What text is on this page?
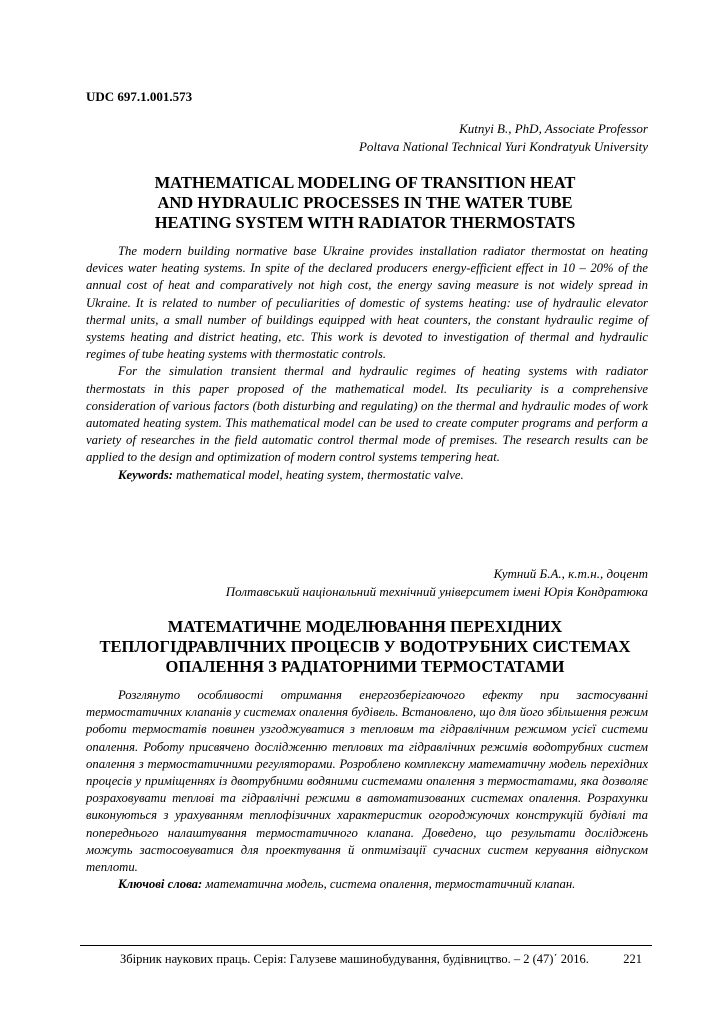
UDC 697.1.001.573
Kutnyi B., PhD, Associate Professor
Poltava National Technical Yuri Kondratyuk University
MATHEMATICAL MODELING OF TRANSITION HEAT
AND HYDRAULIC PROCESSES IN THE WATER TUBE
HEATING SYSTEM WITH RADIATOR THERMOSTATS

The modern building normative base Ukraine provides installation radiator thermostat on heating devices water heating systems. In spite of the declared producers energy-efficient effect in 10 – 20% of the annual cost of heat and comparatively not high cost, the energy saving measure is not widely spread in Ukraine. It is related to number of peculiarities of domestic of systems heating: use of hydraulic elevator thermal units, a small number of buildings equipped with heat counters, the constant hydraulic regime of systems heating and district heating, etc. This work is devoted to investigation of thermal and hydraulic regimes of tube heating systems with thermostatic controls.

For the simulation transient thermal and hydraulic regimes of heating systems with radiator thermostats in this paper proposed of the mathematical model. Its peculiarity is a comprehensive consideration of various factors (both disturbing and regulating) on the thermal and hydraulic modes of work automated heating system. This mathematical model can be used to create computer programs and perform a variety of researches in the field automatic control thermal mode of premises. The research results can be applied to the design and optimization of modern control systems tempering heat.

Keywords: mathematical model, heating system, thermostatic valve.

Кутний Б.А., к.т.н., доцент
Полтавський національний технічний університет імені Юрія Кондратюка
МАТЕМАТИЧНЕ МОДЕЛЮВАННЯ ПЕРЕХІДНИХ
ТЕПЛОГІДРАВЛІЧНИХ ПРОЦЕСІВ У ВОДОТРУБНИХ СИСТЕМАХ
ОПАЛЕННЯ З РАДІАТОРНИМИ ТЕРМОСТАТАМИ

Розглянуто особливості отримання енергозберігаючого ефекту при застосуванні термостатичних клапанів у системах опалення будівель. Встановлено, що для його збільшення режим роботи термостатів повинен узгоджуватися з тепловим та гідравлічним режимом усієї системи опалення. Роботу присвячено дослідженню теплових та гідравлічних режимів водотрубних систем опалення з термостатичними регуляторами. Розроблено комплексну математичну модель перехідних процесів у приміщеннях із двотрубними водяними системами опалення з термостатами, яка дозволяє розраховувати теплові та гідравлічні режими в автоматизованих системах опалення. Розрахунки виконуються з урахуванням теплофізичних характеристик огороджуючих конструкцій будівлі та попереднього налаштування термостатичного клапана. Доведено, що результати досліджень можуть застосовуватися для проектування й оптимізації сучасних систем керування відпуском теплоти.

Ключові слова: математична модель, система опалення, термостатичний клапан.

Збірник наукових праць. Серія: Галузеве машинобудування, будівництво. – 2 (47)΄ 2016.	221
